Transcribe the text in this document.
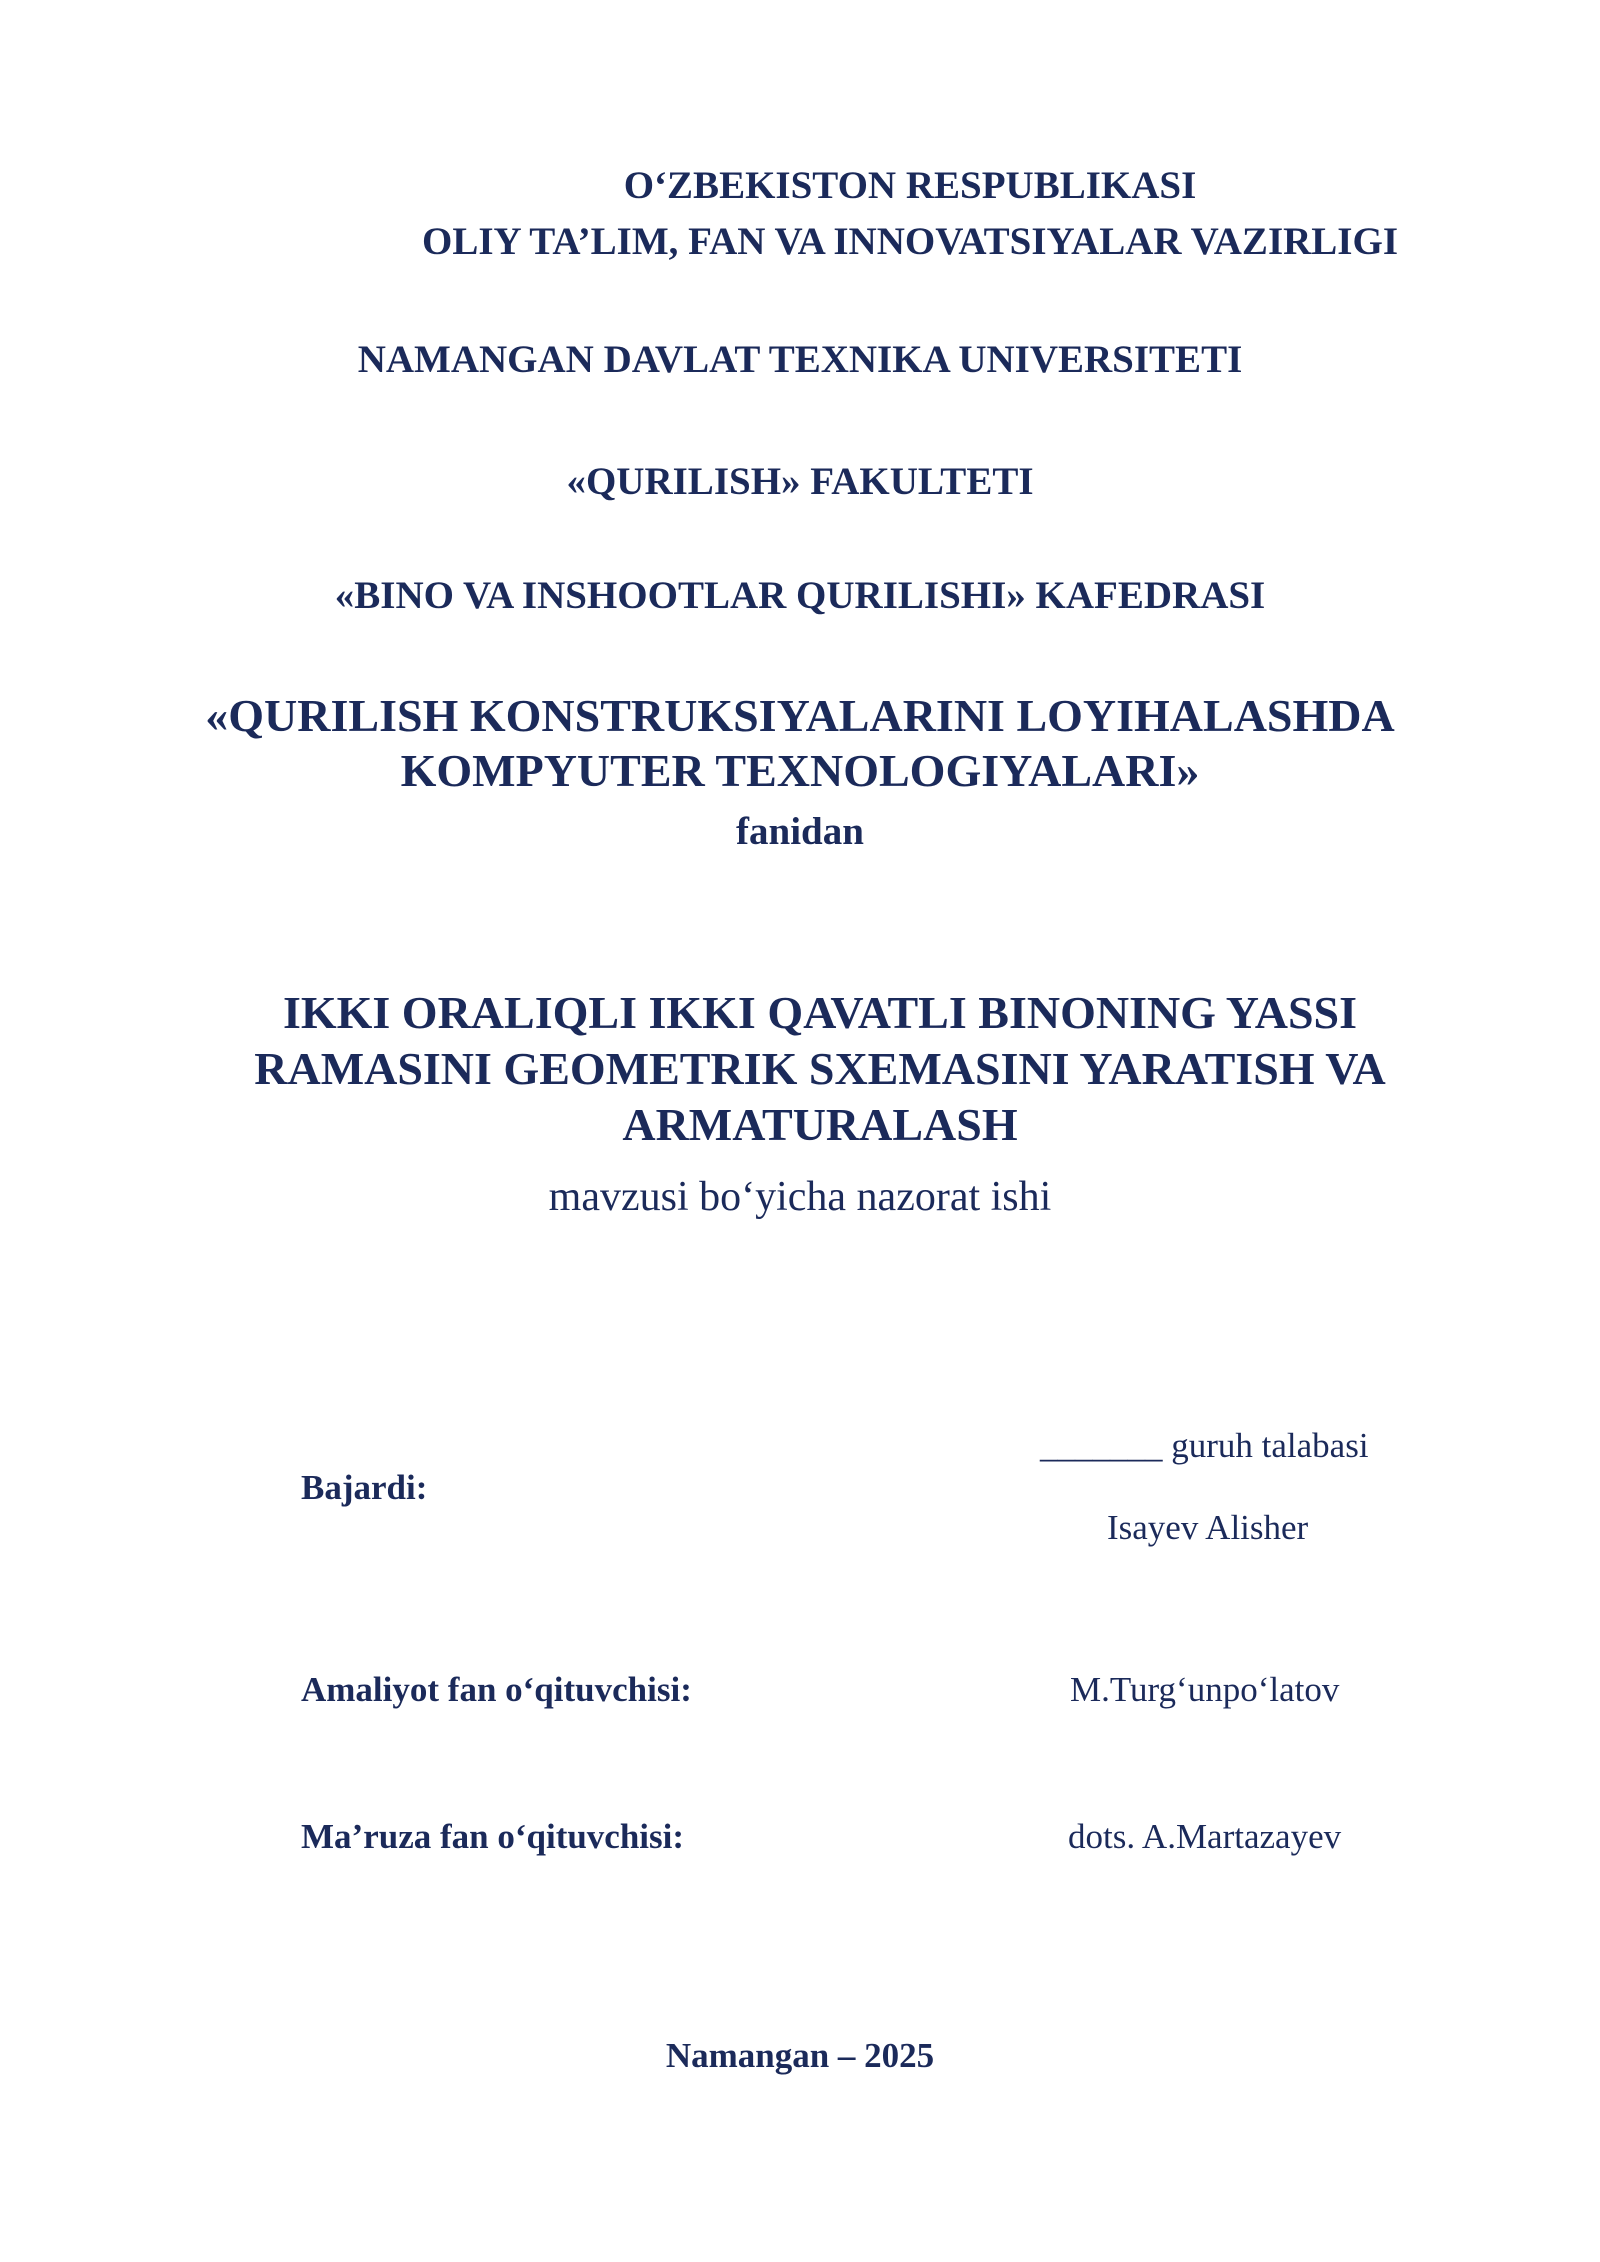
O‘ZBEKISTON RESPUBLIKASI
OLIY TA’LIM, FAN VA INNOVATSIYALAR VAZIRLIGI
NAMANGAN DAVLAT TEXNIKA UNIVERSITETI
«QURILISH» FAKULTETI
«BINO VA INSHOOTLAR QURILISHI» KAFEDRASI
«QURILISH KONSTRUKSIYALARINI LOYIHALASHDA
KOMPYUTER TEXNOLOGIYALARI»
fanidan
IKKI ORALIQLI IKKI QAVATLI BINONING YASSI
RAMASINI GEOMETRIK SXEMASINI YARATISH VA
ARMATURALASH
mavzusi bo‘yicha nazorat ishi
_______ guruh talabasi
Bajardi:
Isayev Alisher
Amaliyot fan o‘qituvchisi:	M.Turg‘unpo‘latov
Ma’ruza fan o‘qituvchisi:	dots. A.Martazayev
Namangan – 2025
